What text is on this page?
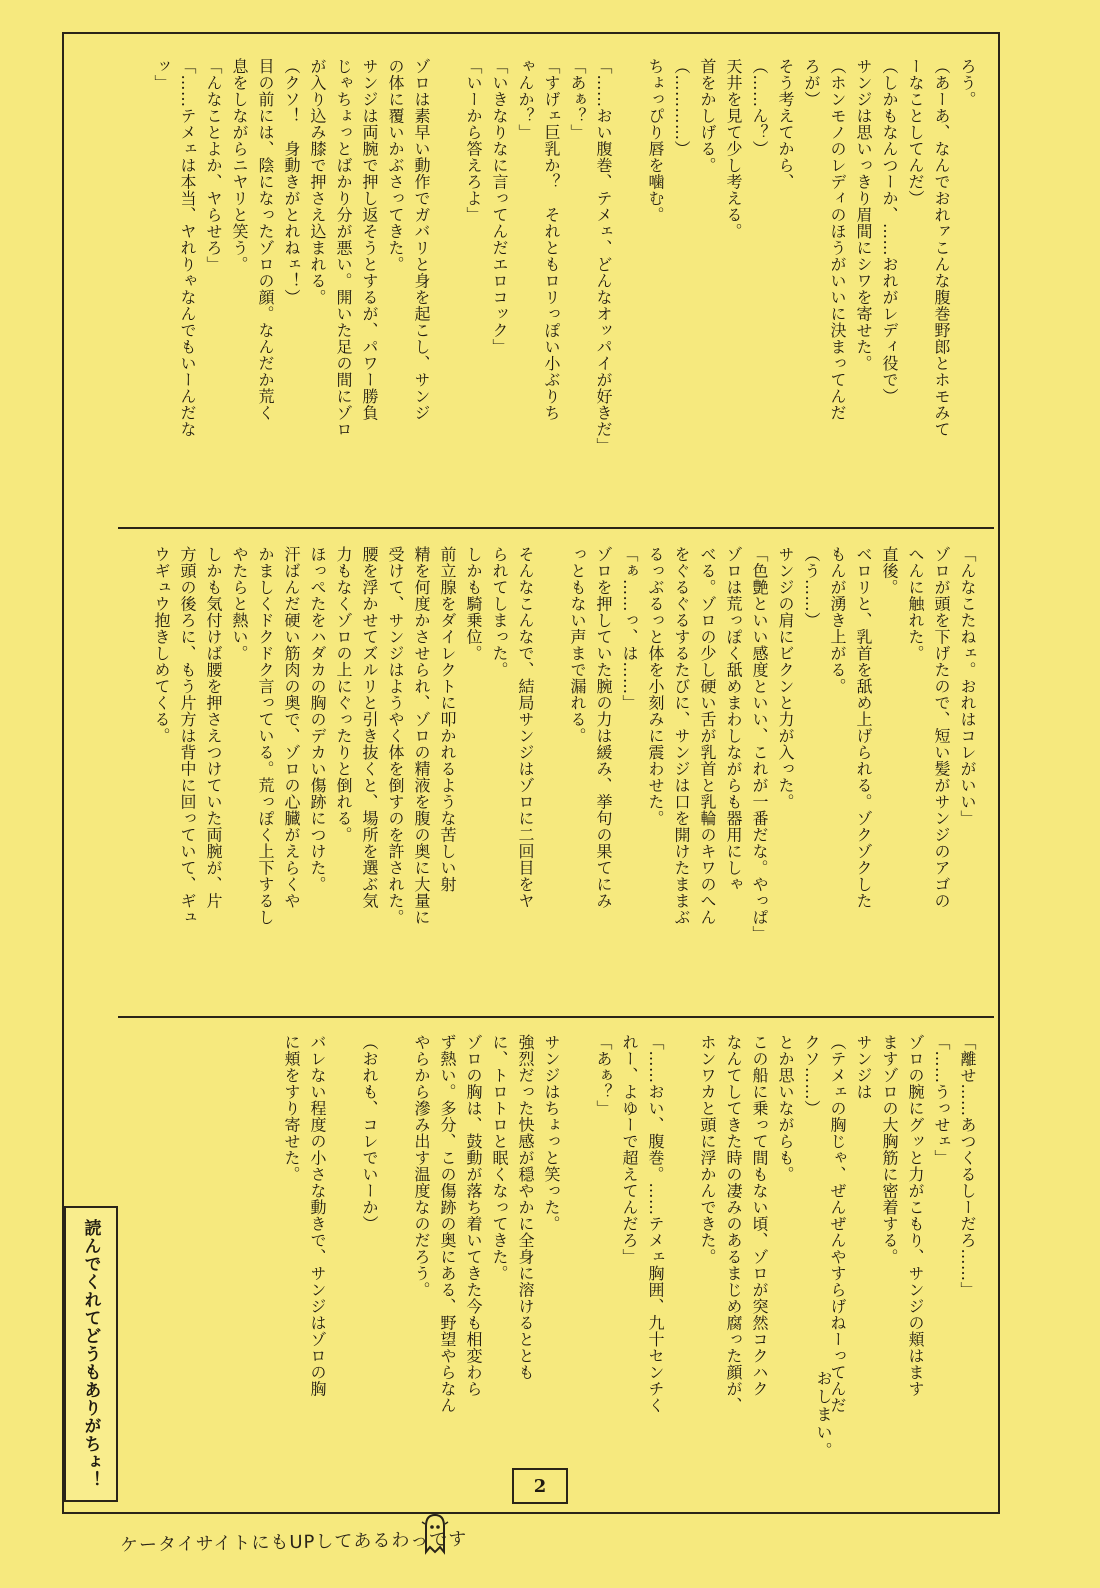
ろう。
（あーあ、なんでおれァこんな腹巻野郎とホモみて
ーなことしてんだ）
（しかもなんつーか、……おれがレディ役で）
サンジは思いっきり眉間にシワを寄せた。
（ホンモノのレディのほうがいいに決まってんだ
ろが）
そう考えてから、
（……ん？）
天井を見て少し考える。
首をかしげる。
（…………）
ちょっぴり唇を噛む。

「……おい腹巻、テメェ、どんなオッパイが好きだ」
「あぁ？」
「すげェ巨乳か？　それともロリっぽい小ぶりち
ゃんか？」
「いきなりなに言ってんだエロコック」
「いーから答えろよ」

ゾロは素早い動作でガバリと身を起こし、サンジ
の体に覆いかぶさってきた。
サンジは両腕で押し返そうとするが、パワー勝負
じゃちょっとばかり分が悪い。開いた足の間にゾロ
が入り込み膝で押さえ込まれる。
（クソ！　身動きがとれねェ！）
目の前には、陰になったゾロの顔。なんだか荒く
息をしながらニヤリと笑う。
「んなことよか、ヤらせろ」
「……テメェは本当、ヤれりゃなんでもいーんだな
ッ」
「んなこたねェ。おれはコレがいい」
ゾロが頭を下げたので、短い髪がサンジのアゴの
へんに触れた。
直後。
ベロリと、乳首を舐め上げられる。ゾクゾクした
もんが湧き上がる。
（う……）
サンジの肩にビクンと力が入った。
「色艶といい感度といい、これが一番だな。やっぱ」
ゾロは荒っぽく舐めまわしながらも器用にしゃ
べる。ゾロの少し硬い舌が乳首と乳輪のキワのへん
をぐるぐるするたびに、サンジは口を開けたままぶ
るっぶるっと体を小刻みに震わせた。
「ぁ……っ、は……」
ゾロを押していた腕の力は緩み、挙句の果てにみ
っともない声まで漏れる。

そんなこんなで、結局サンジはゾロに二回目をヤ
られてしまった。
しかも騎乗位。
前立腺をダイレクトに叩かれるような苦しい射
精を何度かさせられ、ゾロの精液を腹の奥に大量に
受けて、サンジはようやく体を倒すのを許された。
腰を浮かせてズルリと引き抜くと、場所を選ぶ気
力もなくゾロの上にぐったりと倒れる。
ほっぺたをハダカの胸のデカい傷跡につけた。
汗ばんだ硬い筋肉の奥で、ゾロの心臓がえらくや
かましくドクドク言っている。荒っぽく上下するし
やたらと熱い。
しかも気付けば腰を押さえつけていた両腕が、片
方頭の後ろに、もう片方は背中に回っていて、ギュ
ウギュウ抱きしめてくる。
「離せ……あつくるしーだろ……」
「……うっせェ」
ゾロの腕にグッと力がこもり、サンジの頬はます
ますゾロの大胸筋に密着する。
サンジは
（テメェの胸じゃ、ぜんぜんやすらげねーってんだ
クソ……）
とか思いながらも。
この船に乗って間もない頃、ゾロが突然コクハク
なんてしてきた時の凄みのあるまじめ腐った顔が、
ホンワカと頭に浮かんできた。

「……おい、腹巻。……テメェ胸囲、九十センチく
れー、よゆーで超えてんだろ」
「あぁ？」

サンジはちょっと笑った。
強烈だった快感が穏やかに全身に溶けるととも
に、トロトロと眠くなってきた。
ゾロの胸は、鼓動が落ち着いてきた今も相変わら
ず熱い。多分、この傷跡の奥にある、野望やらなん
やらから滲み出す温度なのだろう。

（おれも、コレでいーか）

バレない程度の小さな動きで、サンジはゾロの胸
に頬をすり寄せた。
おしまい。
読んでくれてどうもありがちょ！	2
ケータイサイトにもUPしてあるわっです
